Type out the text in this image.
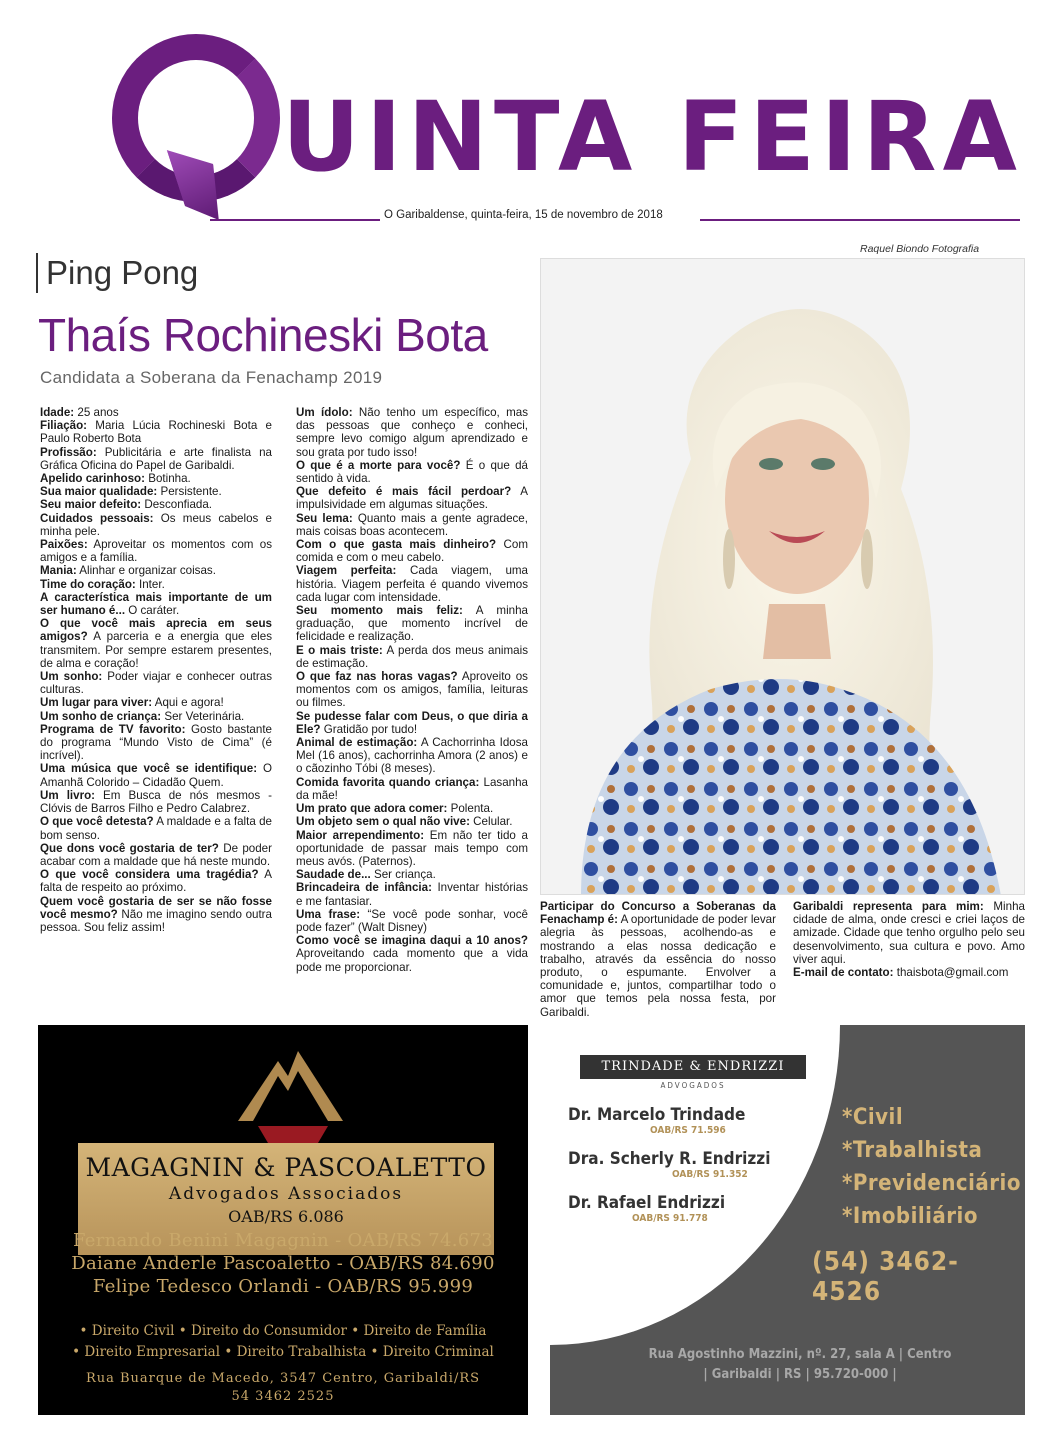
UINTA FEIRA
O Garibaldense, quinta-feira, 15 de novembro de 2018
Ping Pong
Thaís Rochineski Bota
Candidata a Soberana da Fenachamp 2019
Raquel Biondo Fotografia

Idade: 25 anos

Filiação: Maria Lúcia Rochineski Bota e Paulo Roberto Bota

Profissão: Publicitária e arte finalista na Gráfica Oficina do Papel de Garibaldi.

Apelido carinhoso: Botinha.

Sua maior qualidade: Persistente.

Seu maior defeito: Desconfiada.

Cuidados pessoais: Os meus cabelos e minha pele.

Paixões: Aproveitar os momentos com os amigos e a família.

Mania: Alinhar e organizar coisas.

Time do coração: Inter.

A característica mais importante de um ser humano é... O caráter.

O que você mais aprecia em seus amigos? A parceria e a energia que eles transmitem. Por sempre estarem presentes, de alma e coração!

Um sonho: Poder viajar e conhecer outras culturas.

Um lugar para viver: Aqui e agora!

Um sonho de criança: Ser Veterinária.

Programa de TV favorito: Gosto bastante do programa “Mundo Visto de Cima” (é incrível).

Uma música que você se identifique: O Amanhã Colorido – Cidadão Quem.

Um livro: Em Busca de nós mesmos - Clóvis de Barros Filho e Pedro Calabrez.

O que você detesta? A maldade e a falta de bom senso.

Que dons você gostaria de ter? De poder acabar com a maldade que há neste mundo.

O que você considera uma tragédia? A falta de respeito ao próximo.

Quem você gostaria de ser se não fosse você mesmo? Não me imagino sendo outra pessoa. Sou feliz assim!

Um ídolo: Não tenho um específico, mas das pessoas que conheço e conheci, sempre levo comigo algum aprendizado e sou grata por tudo isso!

O que é a morte para você? É o que dá sentido à vida.

Que defeito é mais fácil perdoar? A impulsividade em algumas situações.

Seu lema: Quanto mais a gente agradece, mais coisas boas acontecem.

Com o que gasta mais dinheiro? Com comida e com o meu cabelo.

Viagem perfeita: Cada viagem, uma história. Viagem perfeita é quando vivemos cada lugar com intensidade.

Seu momento mais feliz: A minha graduação, que momento incrível de felicidade e realização.

E o mais triste: A perda dos meus animais de estimação.

O que faz nas horas vagas? Aproveito os momentos com os amigos, família, leituras ou filmes.

Se pudesse falar com Deus, o que diria a Ele? Gratidão por tudo!

Animal de estimação: A Cachorrinha Idosa Mel (16 anos), cachorrinha Amora (2 anos) e o cãozinho Tóbi (8 meses).

Comida favorita quando criança: Lasanha da mãe!

Um prato que adora comer: Polenta.

Um objeto sem o qual não vive: Celular.

Maior arrependimento: Em não ter tido a oportunidade de passar mais tempo com meus avós. (Paternos).

Saudade de... Ser criança.

Brincadeira de infância: Inventar histórias e me fantasiar.

Uma frase: “Se você pode sonhar, você pode fazer” (Walt Disney)

Como você se imagina daqui a 10 anos? Aproveitando cada momento que a vida pode me proporcionar.

Participar do Concurso a Soberanas da Fenachamp é: A oportunidade de poder levar alegria às pessoas, acolhendo-as e mostrando a elas nossa dedicação e trabalho, através da essência do nosso produto, o espumante. Envolver a comunidade e, juntos, compartilhar todo o amor que temos pela nossa festa, por Garibaldi.

Garibaldi representa para mim: Minha cidade de alma, onde cresci e criei laços de amizade. Cidade que tenho orgulho pelo seu desenvolvimento, sua cultura e povo. Amo viver aqui.

E-mail de contato: thaisbota@gmail.com

MAGAGNIN & PASCOALETTO
Advogados Associados
OAB/RS 6.086
Fernando Benini Magagnin - OAB/RS 74.673
Daiane Anderle Pascoaletto - OAB/RS 84.690
Felipe Tedesco Orlandi - OAB/RS 95.999
• Direito Civil • Direito do Consumidor • Direito de Família
• Direito Empresarial • Direito Trabalhista • Direito Criminal
Rua Buarque de Macedo, 3547 Centro, Garibaldi/RS
54 3462 2525
TRINDADE & ENDRIZZI
ADVOGADOS
Dr. Marcelo Trindade
OAB/RS 71.596
Dra. Scherly R. Endrizzi
OAB/RS 91.352
Dr. Rafael Endrizzi
OAB/RS 91.778
*Civil
*Trabalhista
*Previdenciário
*Imobiliário
(54) 3462-4526
Rua Agostinho Mazzini, nº. 27, sala A | Centro
| Garibaldi | RS | 95.720-000 |
